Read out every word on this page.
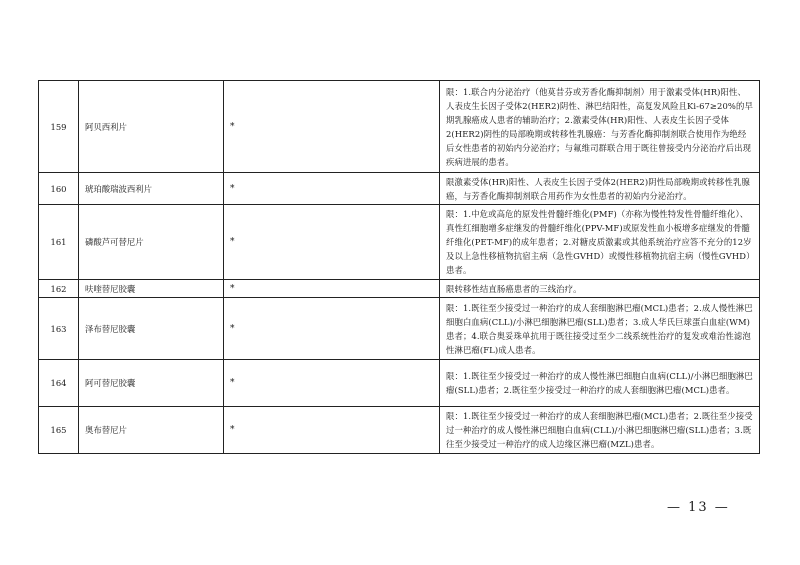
159	阿贝西利片	*	限：1.联合内分泌治疗（他莫昔芬或芳香化酶抑制剂）用于激素受体(HR)阳性、人表皮生长因子受体2(HER2)阴性、淋巴结阳性，高复发风险且Ki-67≥20%的早期乳腺癌成人患者的辅助治疗；2.激素受体(HR)阳性、人表皮生长因子受体2(HER2)阴性的局部晚期或转移性乳腺癌：与芳香化酶抑制剂联合使用作为绝经后女性患者的初始内分泌治疗；与氟维司群联合用于既往曾接受内分泌治疗后出现疾病进展的患者。
160	琥珀酸瑞波西利片	*	限激素受体(HR)阳性、人表皮生长因子受体2(HER2)阴性局部晚期或转移性乳腺癌，与芳香化酶抑制剂联合用药作为女性患者的初始内分泌治疗。
161	磷酸芦可替尼片	*	限：1.中危或高危的原发性骨髓纤维化(PMF)（亦称为慢性特发性骨髓纤维化）、真性红细胞增多症继发的骨髓纤维化(PPV-MF)或原发性血小板增多症继发的骨髓纤维化(PET-MF)的成年患者；2.对糖皮质激素或其他系统治疗应答不充分的12岁及以上急性移植物抗宿主病（急性GVHD）或慢性移植物抗宿主病（慢性GVHD）患者。
162	呋喹替尼胶囊	*	限转移性结直肠癌患者的三线治疗。
163	泽布替尼胶囊	*	限：1.既往至少接受过一种治疗的成人套细胞淋巴瘤(MCL)患者；2.成人慢性淋巴细胞白血病(CLL)/小淋巴细胞淋巴瘤(SLL)患者；3.成人华氏巨球蛋白血症(WM)患者；4.联合奥妥珠单抗用于既往接受过至少二线系统性治疗的复发或难治性滤泡性淋巴瘤(FL)成人患者。
164	阿可替尼胶囊	*	限：1.既往至少接受过一种治疗的成人慢性淋巴细胞白血病(CLL)/小淋巴细胞淋巴瘤(SLL)患者；2.既往至少接受过一种治疗的成人套细胞淋巴瘤(MCL)患者。
165	奥布替尼片	*	限：1.既往至少接受过一种治疗的成人套细胞淋巴瘤(MCL)患者；2.既往至少接受过一种治疗的成人慢性淋巴细胞白血病(CLL)/小淋巴细胞淋巴瘤(SLL)患者；3.既往至少接受过一种治疗的成人边缘区淋巴瘤(MZL)患者。
— 13 —
